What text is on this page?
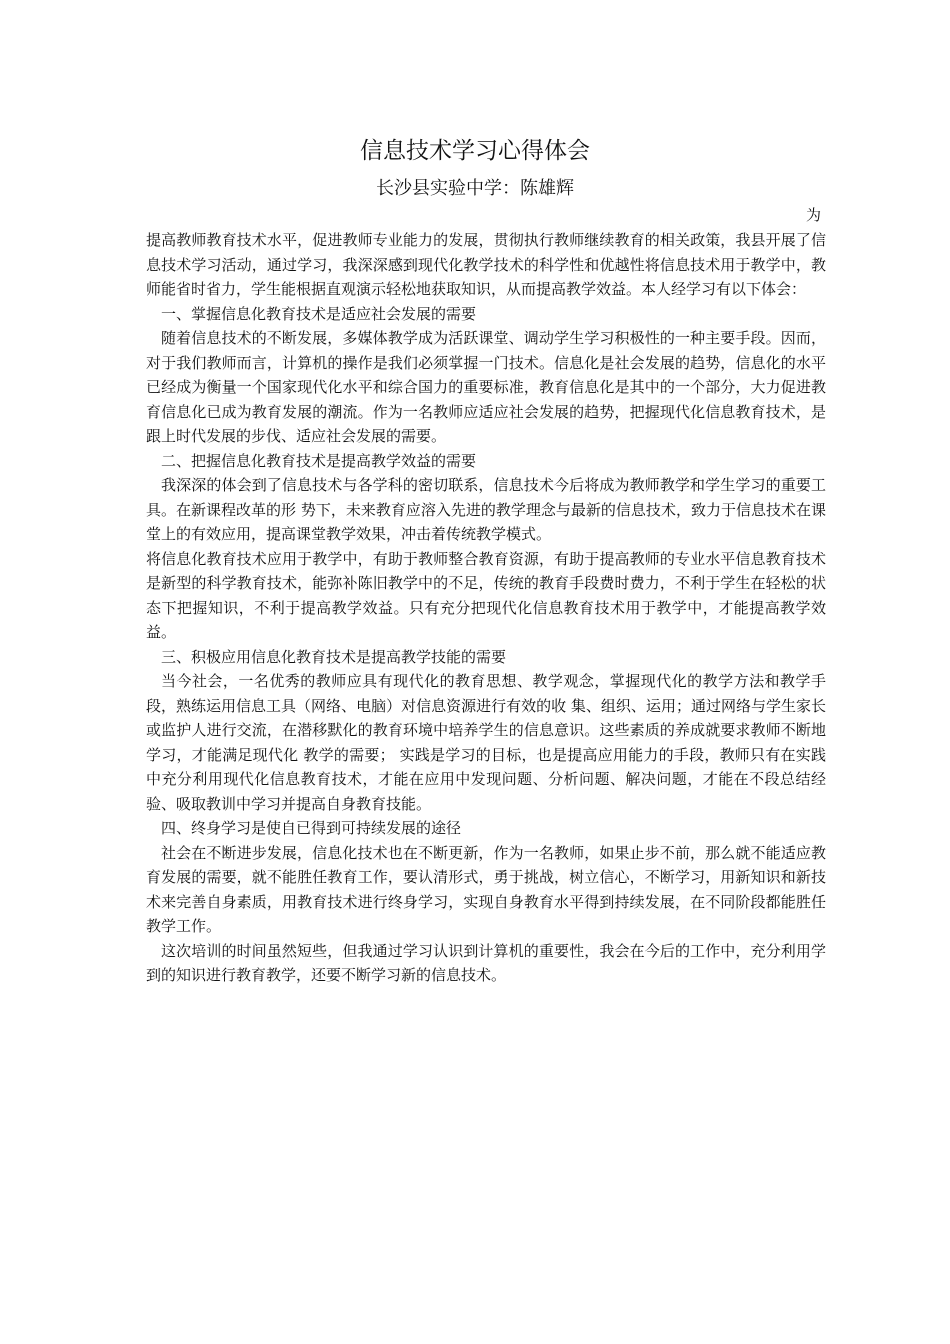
信息技术学习心得体会
长沙县实验中学：陈雄辉
为

提高教师教育技术水平，促进教师专业能力的发展，贯彻执行教师继续教育的相关政策，我县开展了信息技术学习活动，通过学习，我深深感到现代化教学技术的科学性和优越性将信息技术用于教学中，教师能省时省力，学生能根据直观演示轻松地获取知识，从而提高教学效益。本人经学习有以下体会：

一、掌握信息化教育技术是适应社会发展的需要

随着信息技术的不断发展，多媒体教学成为活跃课堂、调动学生学习积极性的一种主要手段。因而，对于我们教师而言，计算机的操作是我们必须掌握一门技术。信息化是社会发展的趋势，信息化的水平已经成为衡量一个国家现代化水平和综合国力的重要标准，教育信息化是其中的一个部分，大力促进教育信息化已成为教育发展的潮流。作为一名教师应适应社会发展的趋势，把握现代化信息教育技术，是跟上时代发展的步伐、适应社会发展的需要。

二、把握信息化教育技术是提高教学效益的需要

我深深的体会到了信息技术与各学科的密切联系，信息技术今后将成为教师教学和学生学习的重要工具。在新课程改革的形 势下，未来教育应溶入先进的教学理念与最新的信息技术，致力于信息技术在课堂上的有效应用，提高课堂教学效果，冲击着传统教学模式。

将信息化教育技术应用于教学中，有助于教师整合教育资源，有助于提高教师的专业水平信息教育技术是新型的科学教育技术，能弥补陈旧教学中的不足，传统的教育手段费时费力，不利于学生在轻松的状态下把握知识，不利于提高教学效益。只有充分把现代化信息教育技术用于教学中，才能提高教学效益。

三、积极应用信息化教育技术是提高教学技能的需要

当今社会，一名优秀的教师应具有现代化的教育思想、教学观念，掌握现代化的教学方法和教学手段，熟练运用信息工具（网络、电脑）对信息资源进行有效的收 集、组织、运用；通过网络与学生家长或监护人进行交流，在潜移默化的教育环境中培养学生的信息意识。这些素质的养成就要求教师不断地学习，才能满足现代化 教学的需要； 实践是学习的目标，也是提高应用能力的手段，教师只有在实践中充分利用现代化信息教育技术，才能在应用中发现问题、分析问题、解决问题，才能在不段总结经验、吸取教训中学习并提高自身教育技能。

四、终身学习是使自已得到可持续发展的途径

社会在不断进步发展，信息化技术也在不断更新，作为一名教师，如果止步不前，那么就不能适应教育发展的需要，就不能胜任教育工作，要认清形式，勇于挑战，树立信心，不断学习，用新知识和新技术来完善自身素质，用教育技术进行终身学习，实现自身教育水平得到持续发展，在不同阶段都能胜任教学工作。

这次培训的时间虽然短些，但我通过学习认识到计算机的重要性，我会在今后的工作中，充分利用学到的知识进行教育教学，还要不断学习新的信息技术。
